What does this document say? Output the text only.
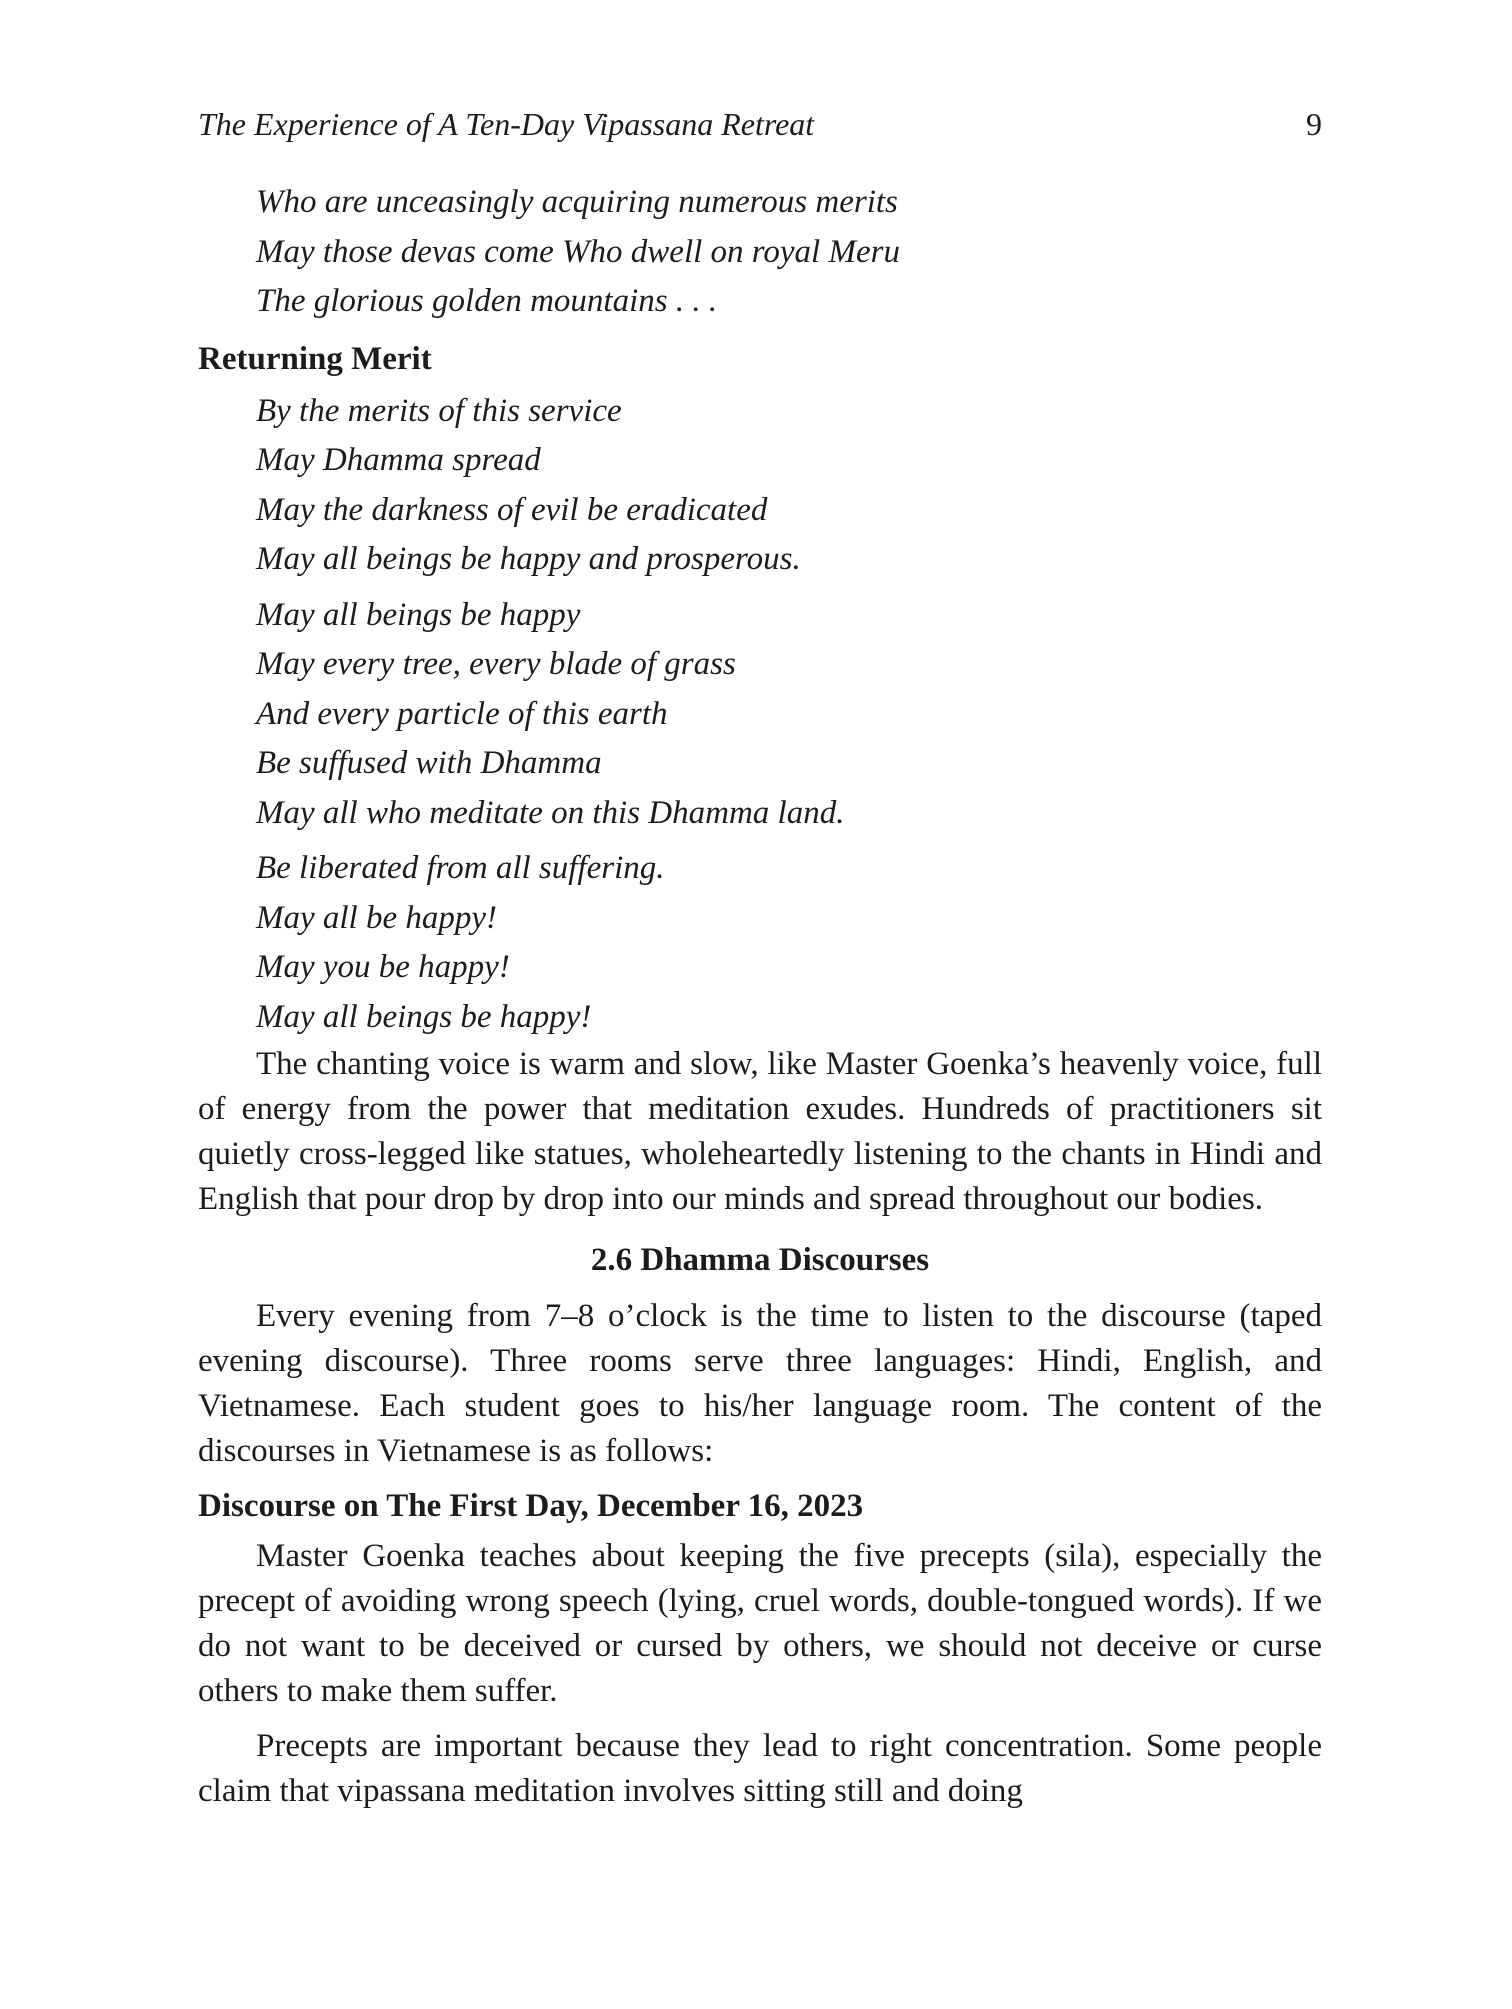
The Experience of A Ten-Day Vipassana Retreat	9
Who are unceasingly acquiring numerous merits
May those devas come Who dwell on royal Meru
The glorious golden mountains . . .
Returning Merit
By the merits of this service
May Dhamma spread
May the darkness of evil be eradicated
May all beings be happy and prosperous.
May all beings be happy
May every tree, every blade of grass
And every particle of this earth
Be suffused with Dhamma
May all who meditate on this Dhamma land.
Be liberated from all suffering.
May all be happy!
May you be happy!
May all beings be happy!

The chanting voice is warm and slow, like Master Goenka’s heavenly voice, full of energy from the power that meditation exudes. Hundreds of practitioners sit quietly cross-legged like statues, wholeheartedly listening to the chants in Hindi and English that pour drop by drop into our minds and spread throughout our bodies.

2.6 Dhamma Discourses

Every evening from 7–8 o’clock is the time to listen to the discourse (taped evening discourse). Three rooms serve three languages: Hindi, English, and Vietnamese. Each student goes to his/her language room. The content of the discourses in Vietnamese is as follows:

Discourse on The First Day, December 16, 2023

Master Goenka teaches about keeping the five precepts (sila), especially the precept of avoiding wrong speech (lying, cruel words, double-tongued words). If we do not want to be deceived or cursed by others, we should not deceive or curse others to make them suffer.

Precepts are important because they lead to right concentration. Some people claim that vipassana meditation involves sitting still and doing
